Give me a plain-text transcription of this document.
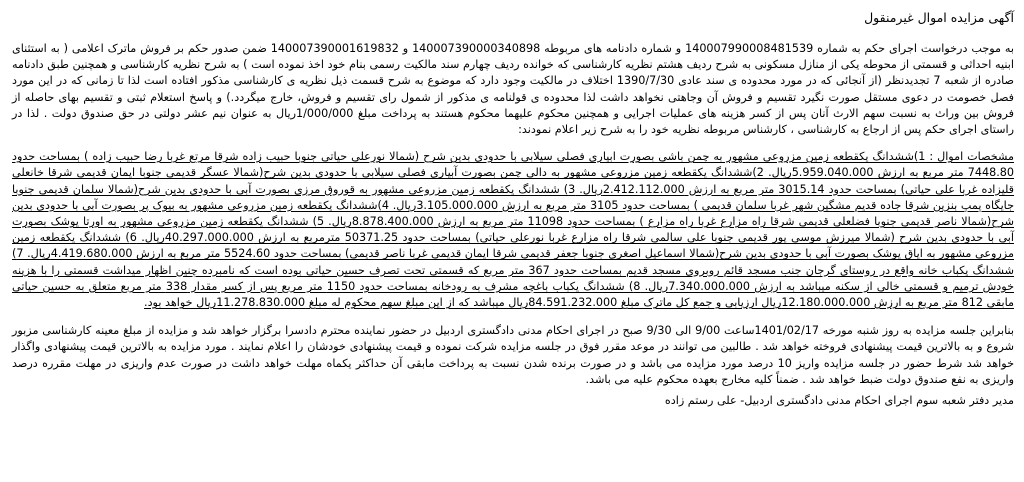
آگهی مزایده اموال غیرمنقول

به موجب درخواست اجرای حکم به شماره 14000799000848153‌9 و شماره دادنامه های مربوطه 14000739000034089‌8 و 14000739000161983‌2 ضمن صدور حکم بر فروش ماترک اعلامی ( به استثنای ابنیه احداثی و قسمتی از محوطه یکی از منازل مسکونی به شرح ردیف هشتم نظریه کارشناسی که خوانده ردیف چهارم سند مالکیت رسمی بنام خود اخذ نموده است ) به شرح نظریه کارشناسی و همچنین طبق دادنامه صادره از شعبه 7 تجدیدنظر (از آنجائی که در مورد محدوده ی سند عادی 1390/7/30 اختلاف در مالکیت وجود دارد که موضوع به شرح قسمت ذیل نظریه ی کارشناسی مذکور افتاده است لذا تا زمانی که در این مورد فصل خصومت در دعوی مستقل صورت نگیرد تقسیم و فروش آن وجاهتی نخواهد داشت لذا محدوده ی قولنامه ی مذکور از شمول رای تقسیم و فروش، خارج میگردد.) و پاسخ استعلام ثبتی و تقسیم بهای حاصله از فروش بین وراث به نسبت سهم الارث آنان پس از کسر هزینه های عملیات اجرایی و همچنین محکوم علیهما محکوم هستند به پرداخت مبلغ 1/000/000ریال به عنوان نیم عشر دولتی در حق صندوق دولت . لذا در راستای اجرای حکم پس از ارجاع به کارشناسی ، کارشناس مربوطه نظریه خود را به شرح زیر اعلام نمودند:

مشخصات اموال : 1)ششدانگ یکقطعه زمین مزروعی مشهور به چمن باشی بصورت ابیاری فصلی سیلابی با حدودی بدین شرح (شمالا نورعلی حیاتی جنوبا حبیب زاده شرقا مرتع غربا رضا حبیب زاده ) بمساحت حدود 7448.80 متر مربع به ارزش 5.959.040.000ریال. 2)ششدانگ یکقطعه زمین مزروعی مشهور به دالی چمن بصورت آبیاری فصلی سیلابی با حدودی بدین شرح(شمالا عسگر قدیمی جنوبا ایمان قدیمی شرقا خانعلی قلیزاده غربا علی حیاتی) بمساحت حدود 3015.14 متر مربع به ارزش 2.412.112.000ریال. 3) ششدانگ یکقطعه زمین مزروعی مشهور به قوروق مرزی بصورت آبی با حدودی بدین شرح(شمالا سلمان قدیمی جنوبا جایگاه پمپ بنزین شرقا جاده قدیم مشگین شهر غربا سلمان قدیمی ) بمساحت حدود 3105 متر مربع به ارزش 3.105.000.000ریال. 4)ششدانگ یکقطعه زمین مزروعی مشهور به بیوک پر بصورت آبی با حدودی بدین شرح(شمالا ناصر قدیمی جنوبا فضلعلی قدیمی شرقا راه مزارع غربا راه مزارع ) بمساحت حدود 11098 متر مربع به ارزش 8.878.400.000ریال. 5) ششدانگ یکقطعه زمین مزروعی مشهور به اورتا یوشک بصورت آبی با حدودی بدین شرح (شمالا میرزش موسی پور قدیمی جنوبا علی سالمی شرقا راه مزارع غربا نورعلی حیاتی) بمساحت حدود 50371.25 مترمربع به ارزش 40.297.000.000ریال. 6) ششدانگ یکقطعه زمین مزروعی مشهور به ایاق یوشک بصورت آبی با حدودی بدین شرح(شمالا اسماعیل اصغری جنوبا جعفر قدیمی شرقا ایمان قدیمی غربا ناصر قدیمی) بمساحت حدود 5524.60 متر مربع به ارزش 4.419.680.000ریال. 7) ششدانگ یکباب خانه واقع در روستای گرجان جنب مسجد قائم روبروی مسجد قدیم بمساحت حدود 367 متر مربع که قسمتی تحت تصرف حسین حیاتی بوده است که نامبرده چنین اظهار میداشت قسمتی را با هزینه خودش ترمیم و قسمتی خالی از سکنه میباشد به ارزش 7.340.000.000ریال. 8) ششدانگ یکباب باغچه مشرف به رودخانه بمساحت حدود 1150 متر مربع پس از کسر مقدار 338 متر مربع متعلق به حسین حیاتی مابقی 812 متر مربع به ارزش 12.180.000.000ریال ارزیابی و جمع کل ماترک مبلغ 84.591.232.000ریال میباشد که از این مبلغ سهم محکوم له مبلغ 11.278.830.000ریال خواهد بود.

بنابراین جلسه مزایده به روز شنبه مورخه 1401/02/17ساعت 9/00 الی 9/30 صبح در اجرای احکام مدنی دادگستری اردبیل در حضور نماینده محترم دادسرا برگزار خواهد شد و مزایده از مبلغ معینه کارشناسی مزبور شروع و به بالاترین قیمت پیشنهادی فروخته خواهد شد . طالبین می توانند در موعد مقرر فوق در جلسه مزایده شرکت نموده و قیمت پیشنهادی خودشان را اعلام نمایند . مورد مزایده به بالاترین قیمت پیشنهادی واگذار خواهد شد شرط حضور در جلسه مزایده واریز 10 درصد مورد مزایده می باشد و در صورت برنده شدن نسبت به پرداخت مابقی آن حداکثر یکماه مهلت خواهد داشت در صورت عدم واریزی در مهلت مقرره درصد واریزی به نفع صندوق دولت ضبط خواهد شد . ضمناً کلیه مخارج بعهده محکوم علیه می باشد.

مدیر دفتر شعبه سوم اجرای احکام مدنی دادگستری اردبیل- علی رستم زاده
